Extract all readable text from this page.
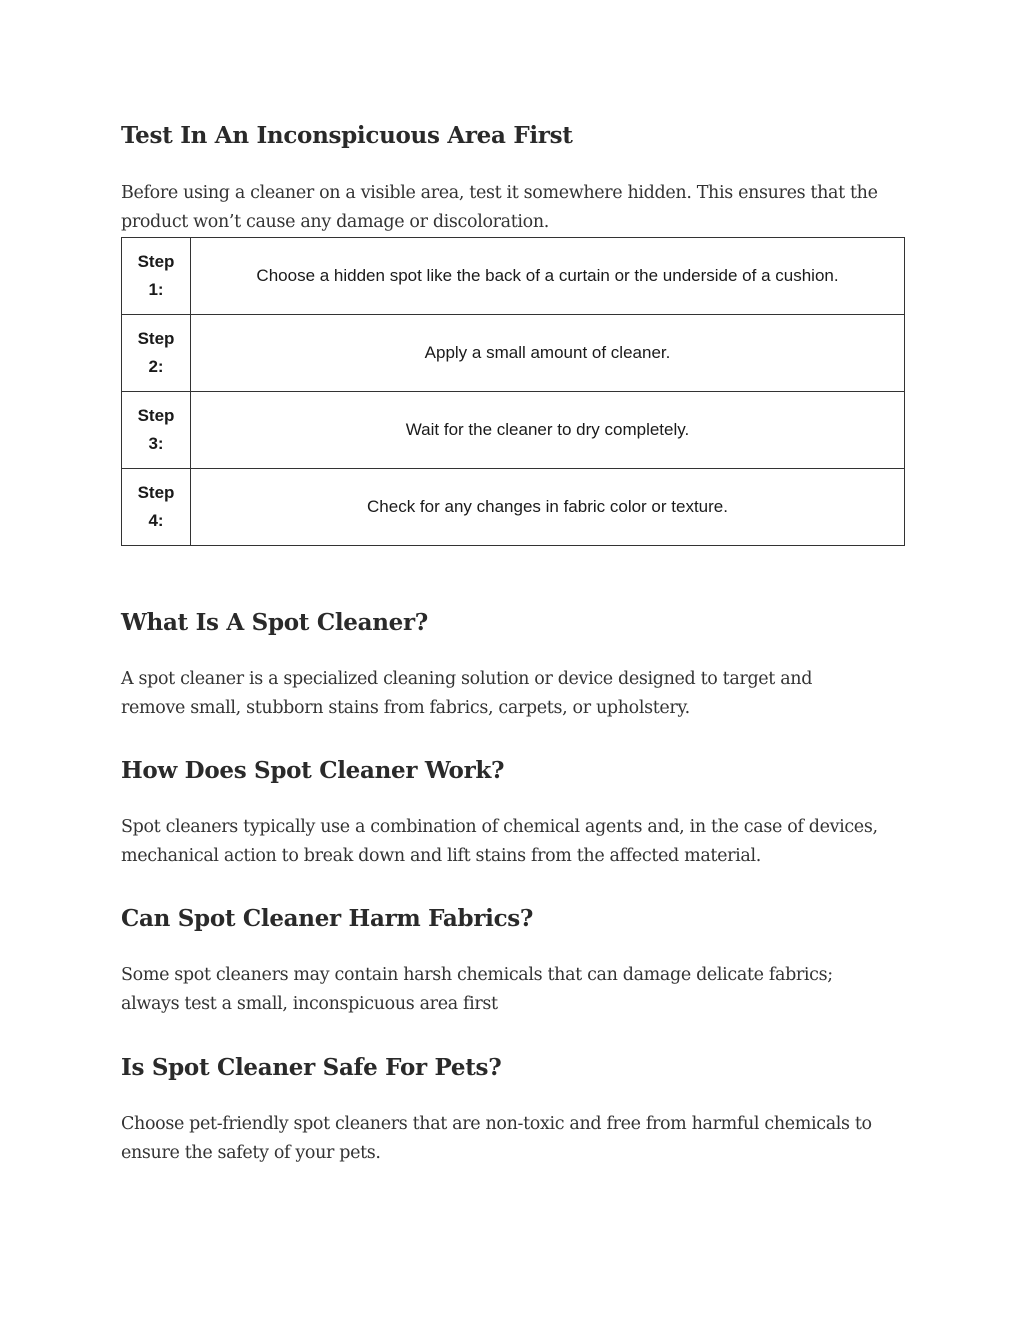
Test In An Inconspicuous Area First

Before using a cleaner on a visible area, test it somewhere hidden. This ensures that the product won’t cause any damage or discoloration.

Step
1:	Choose a hidden spot like the back of a curtain or the underside of a cushion.

Step
2:	Apply a small amount of cleaner.

Step
3:	Wait for the cleaner to dry completely.

Step
4:	Check for any changes in fabric color or texture.
What Is A Spot Cleaner?

A spot cleaner is a specialized cleaning solution or device designed to target and remove small, stubborn stains from fabrics, carpets, or upholstery.

How Does Spot Cleaner Work?

Spot cleaners typically use a combination of chemical agents and, in the case of devices, mechanical action to break down and lift stains from the affected material.

Can Spot Cleaner Harm Fabrics?

Some spot cleaners may contain harsh chemicals that can damage delicate fabrics; always test a small, inconspicuous area first

Is Spot Cleaner Safe For Pets?

Choose pet-friendly spot cleaners that are non-toxic and free from harmful chemicals to ensure the safety of your pets.
